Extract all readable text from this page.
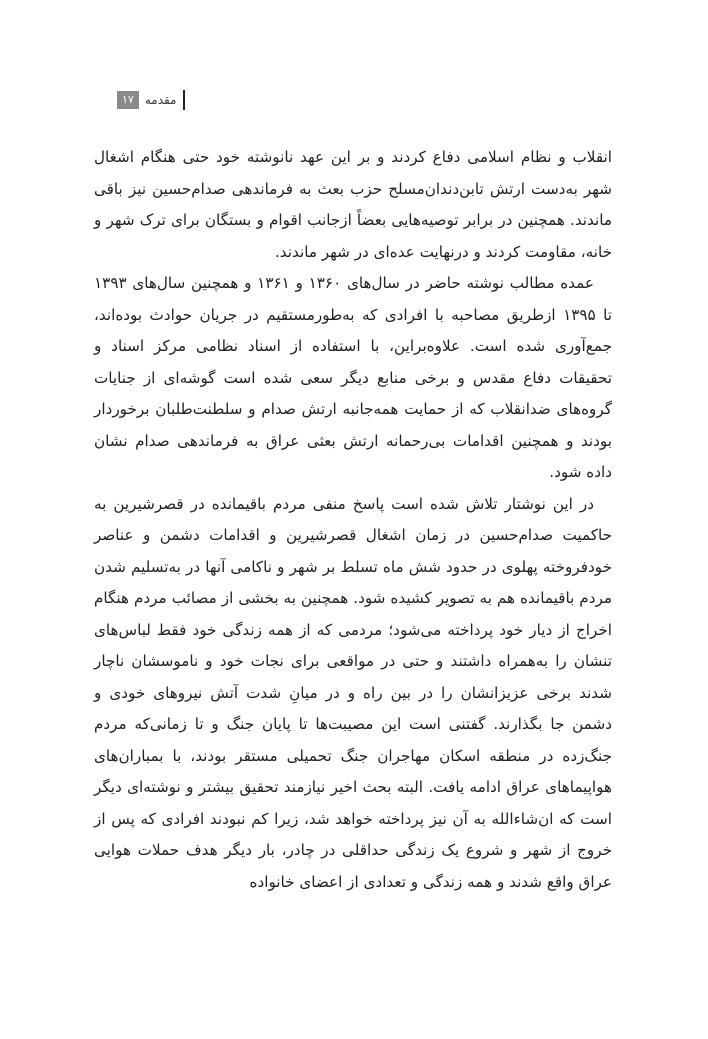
۱۷ مقدمه

انقلاب و نظام اسلامی دفاع کردند و بر این عهد نانوشته خود حتی هنگام اشغال شهر به‌دست ارتش تابن‌دندان‌مسلح حزب بعث به فرماندهی صدام‌حسین نیز باقی ماندند. همچنین در برابر توصیه‌هایی بعضاً ازجانب اقوام و بستگان برای ترک شهر و خانه، مقاومت کردند و درنهایت عده‌ای در شهر ماندند.

عمده مطالب نوشته حاضر در سال‌های ۱۳۶۰ و ۱۳۶۱ و همچنین سال‌های ۱۳۹۳ تا ۱۳۹۵ ازطریق مصاحبه با افرادی که به‌طورمستقیم در جریان حوادث بوده‌اند، جمع‌آوری شده است. علاوه‌براین، با استفاده از اسناد نظامی مرکز اسناد و تحقیقات دفاع مقدس و برخی منابع دیگر سعی شده است گوشه‌ای از جنایات گروه‌های ضدانقلاب که از حمایت همه‌جانبه ارتش صدام و سلطنت‌طلبان برخوردار بودند و همچنین اقدامات بی‌رحمانه ارتش بعثی عراق به فرماندهی صدام نشان داده شود.

در این نوشتار تلاش شده است پاسخ منفی مردم باقیمانده در قصرشیرین به حاکمیت صدام‌حسین در زمان اشغال قصرشیرین و اقدامات دشمن و عناصر خودفروخته پهلوی در حدود شش ماه تسلط بر شهر و ناکامی آنها در به‌تسلیم شدن مردم باقیمانده هم به تصویر کشیده شود. همچنین به بخشی از مصائب مردم هنگام اخراج از دیار خود پرداخته می‌شود؛ مردمی که از همه زندگی خود فقط لباس‌های تنشان را به‌همراه داشتند و حتی در مواقعی برای نجات خود و ناموسشان ناچار شدند برخی عزیزانشان را در بین راه و در میانِ شدت آتش نیروهای خودی و دشمن جا بگذارند. گفتنی است این مصیبت‌ها تا پایان جنگ و تا زمانی‌که مردم جنگ‌زده در منطقه اسکان مهاجران جنگ تحمیلی مستقر بودند، با بمباران‌های هواپیماهای عراق ادامه یافت. البته بحث اخیر نیازمند تحقیق بیشتر و نوشته‌ای دیگر است که ان‌شاءالله به آن نیز پرداخته خواهد شد، زیرا کم نبودند افرادی که پس از خروج از شهر و شروع یک زندگی حداقلی در چادر، بار دیگر هدف حملات هوایی عراق واقع شدند و همه زندگی و تعدادی از اعضای خانواده
